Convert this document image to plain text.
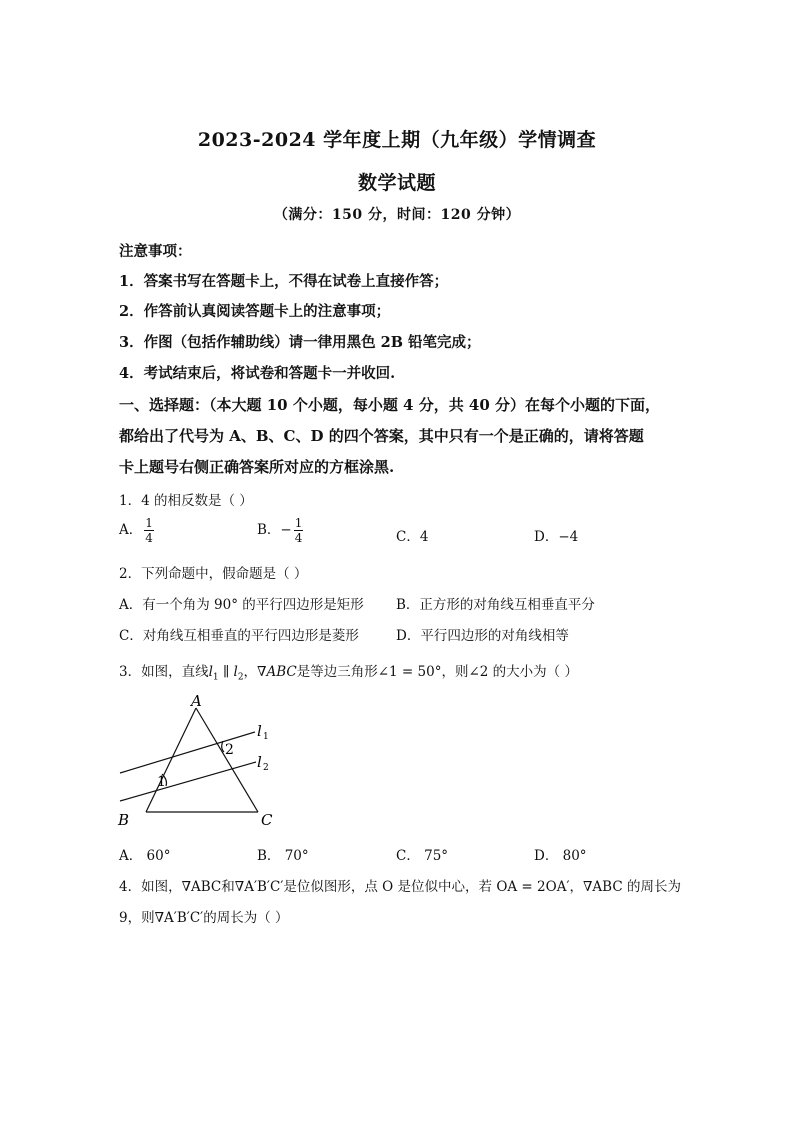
2023-2024 学年度上期（九年级）学情调查
数学试题
（满分：150 分，时间：120 分钟）
注意事项：
1．答案书写在答题卡上，不得在试卷上直接作答；
2．作答前认真阅读答题卡上的注意事项；
3．作图（包括作辅助线）请一律用黑色 2B 铅笔完成；
4．考试结束后，将试卷和答题卡一并收回.
一、选择题：（本大题 10 个小题，每小题 4 分，共 40 分）在每个小题的下面，
都给出了代号为 A、B、C、D 的四个答案，其中只有一个是正确的，请将答题
卡上题号右侧正确答案所对应的方框涂黑.
1．4 的相反数是（ ）
A． $\frac{1}{4}$	B．− $\frac{1}{4}$	C．4	D．−4
2．下列命题中，假命题是（ ）
A．有一个角为 90° 的平行四边形是矩形 B．正方形的对角线互相垂直平分
C．对角线互相垂直的平行四边形是菱形	D．平行四边形的对角线相等
3．如图，直线$l_1$ ∥ $l_2$，∇ABC是等边三角形∠1 = 50°，则∠2 的大小为（ ）
A
B	C
l 1
l 2
1
2
A． 60°	B． 70°	C． 75°	D． 80°
4．如图，∇ABC和∇A′B′C′是位似图形，点 O 是位似中心，若 OA = 2OA′，∇ABC 的周长为
9，则∇A′B′C′的周长为（ ）
